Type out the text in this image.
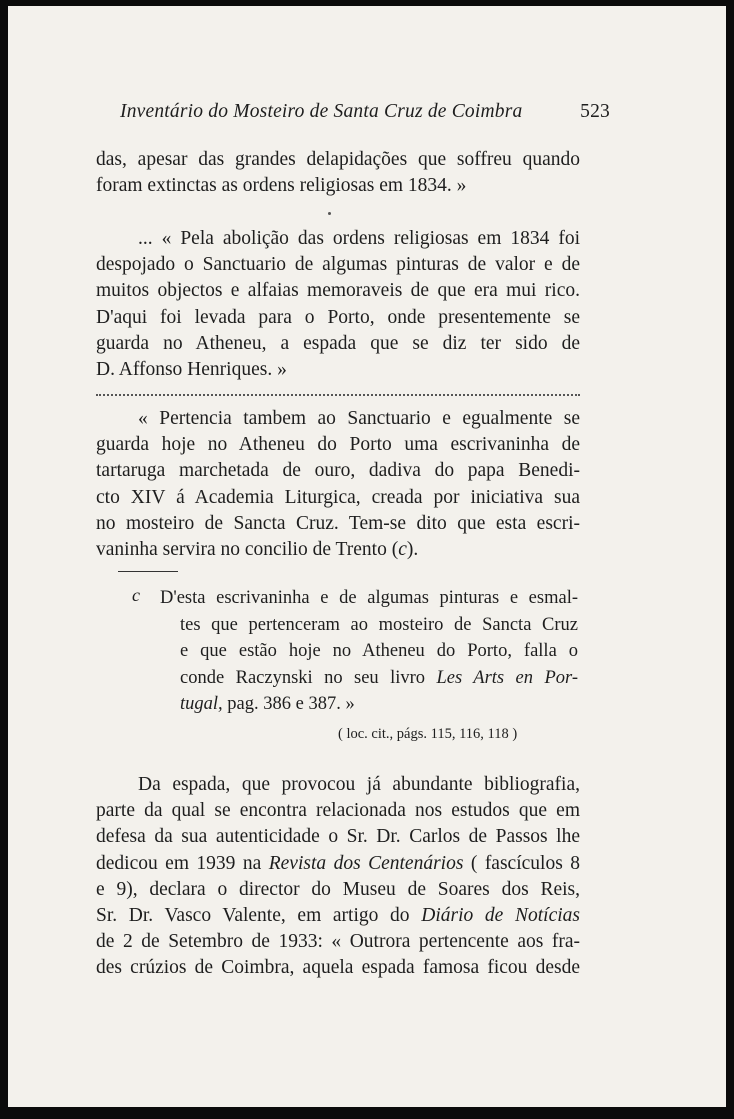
Inventário do Mosteiro de Santa Cruz de Coimbra	523
das, apesar das grandes delapidações que soffreu quando
foram extinctas as ordens religiosas em 1834. »
... « Pela abolição das ordens religiosas em 1834 foi
despojado o Sanctuario de algumas pinturas de valor e de
muitos objectos e alfaias memoraveis de que era mui rico.
D'aqui foi levada para o Porto, onde presentemente se
guarda no Atheneu, a espada que se diz ter sido de
D. Affonso Henriques. »
« Pertencia tambem ao Sanctuario e egualmente se
guarda hoje no Atheneu do Porto uma escrivaninha de
tartaruga marchetada de ouro, dadiva do papa Benedi-
cto XIV á Academia Liturgica, creada por iniciativa sua
no mosteiro de Sancta Cruz. Tem-se dito que esta escri-
vaninha servira no concilio de Trento (c).
c D'esta escrivaninha e de algumas pinturas e esmal-
tes que pertenceram ao mosteiro de Sancta Cruz
e que estão hoje no Atheneu do Porto, falla o
conde Raczynski no seu livro Les Arts en Por-
tugal, pag. 386 e 387. »
( loc. cit., págs. 115, 116, 118 )
Da espada, que provocou já abundante bibliografia,
parte da qual se encontra relacionada nos estudos que em
defesa da sua autenticidade o Sr. Dr. Carlos de Passos lhe
dedicou em 1939 na Revista dos Centenários ( fascículos 8
e 9), declara o director do Museu de Soares dos Reis,
Sr. Dr. Vasco Valente, em artigo do Diário de Notícias
de 2 de Setembro de 1933: « Outrora pertencente aos fra-
des crúzios de Coimbra, aquela espada famosa ficou desde
